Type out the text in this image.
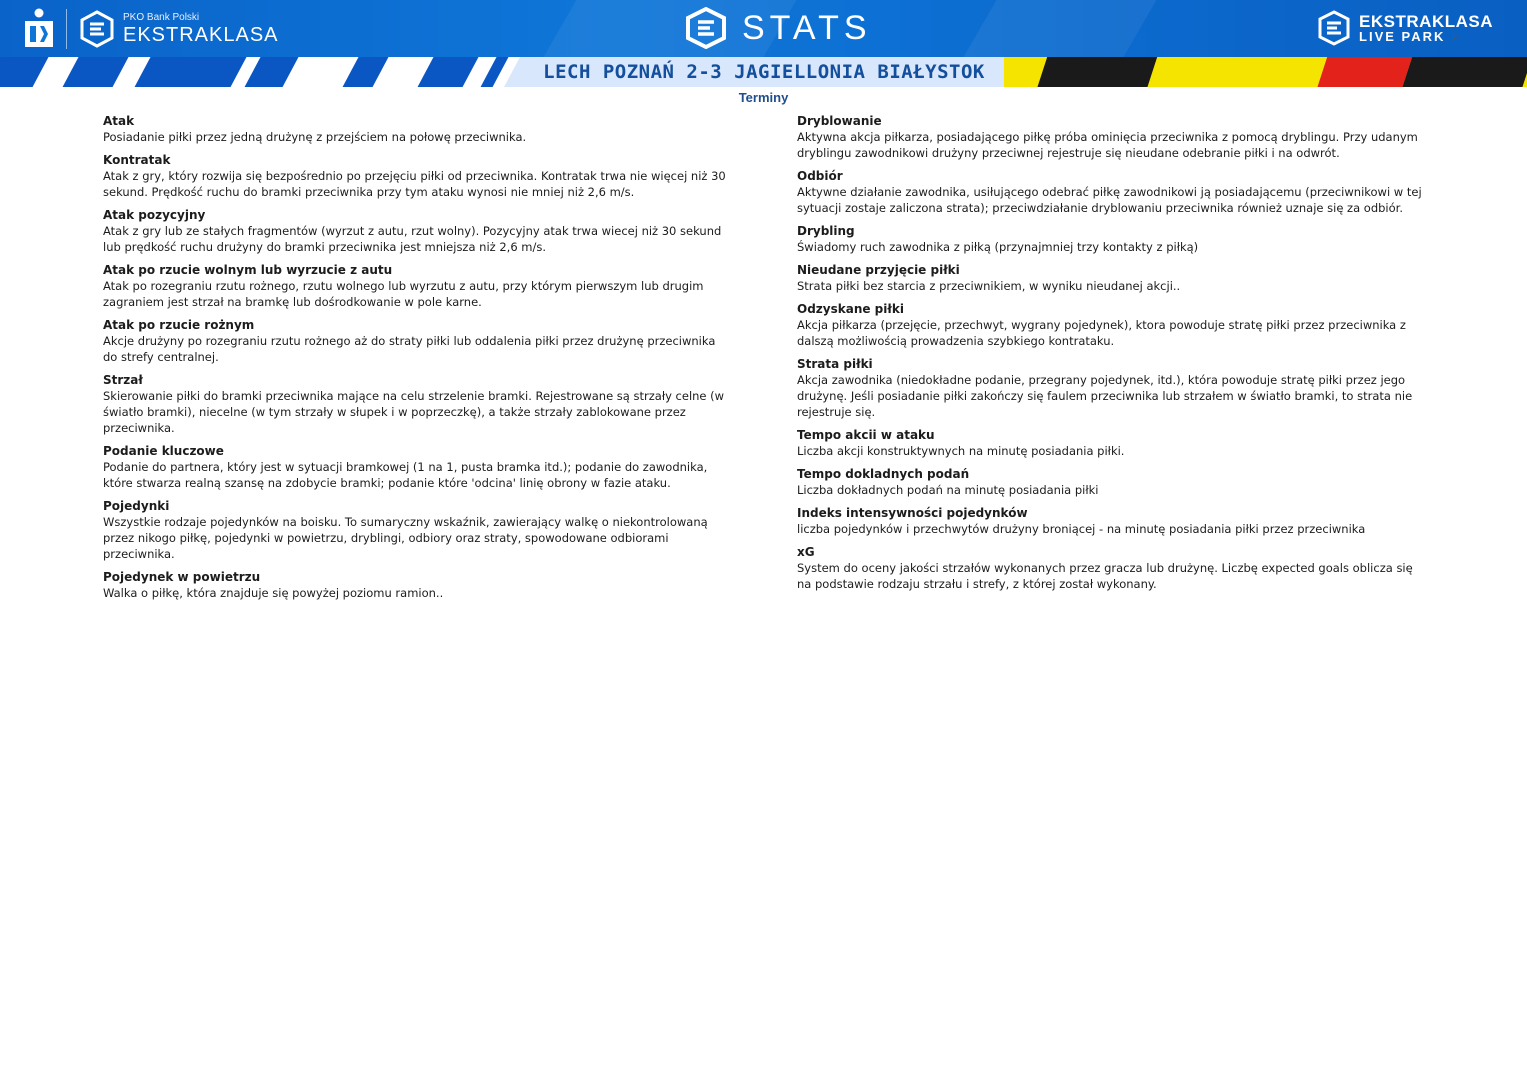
PKO Bank Polski
EKSTRAKLASA	STATS	EKSTRAKLASA
LIVE PARK
LECH POZNAŃ 2-3 JAGIELLONIA BIAŁYSTOK
5
Terminy
Atak
Posiadanie piłki przez jedną drużynę z przejściem na połowę przeciwnika.
Kontratak
Atak z gry, który rozwija się bezpośrednio po przejęciu piłki od przeciwnika. Kontratak trwa nie więcej niż 30 sekund. Prędkość ruchu do bramki przeciwnika przy tym ataku wynosi nie mniej niż 2,6 m/s.
Atak pozycyjny
Atak z gry lub ze stałych fragmentów (wyrzut z autu, rzut wolny). Pozycyjny atak trwa wiecej niż 30 sekund lub prędkość ruchu drużyny do bramki przeciwnika jest mniejsza niż 2,6 m/s.
Atak po rzucie wolnym lub wyrzucie z autu
Atak po rozegraniu rzutu rożnego, rzutu wolnego lub wyrzutu z autu, przy którym pierwszym lub drugim zagraniem jest strzał na bramkę lub dośrodkowanie w pole karne.
Atak po rzucie rożnym
Akcje drużyny po rozegraniu rzutu rożnego aż do straty piłki lub oddalenia piłki przez drużynę przeciwnika do strefy centralnej.
Strzał
Skierowanie piłki do bramki przeciwnika mające na celu strzelenie bramki. Rejestrowane są strzały celne (w światło bramki), niecelne (w tym strzały w słupek i w poprzeczkę), a także strzały zablokowane przez przeciwnika.
Podanie kluczowe
Podanie do partnera, który jest w sytuacji bramkowej (1 na 1, pusta bramka itd.); podanie do zawodnika, które stwarza realną szansę na zdobycie bramki; podanie które 'odcina' linię obrony w fazie ataku.
Pojedynki
Wszystkie rodzaje pojedynków na boisku. To sumaryczny wskaźnik, zawierający walkę o niekontrolowaną przez nikogo piłkę, pojedynki w powietrzu, dryblingi, odbiory oraz straty, spowodowane odbiorami przeciwnika.
Pojedynek w powietrzu
Walka o piłkę, która znajduje się powyżej poziomu ramion..
Dryblowanie
Aktywna akcja piłkarza, posiadającego piłkę próba ominięcia przeciwnika z pomocą dryblingu. Przy udanym dryblingu zawodnikowi drużyny przeciwnej rejestruje się nieudane odebranie piłki i na odwrót.
Odbiór
Aktywne działanie zawodnika, usiłującego odebrać piłkę zawodnikowi ją posiadającemu (przeciwnikowi w tej sytuacji zostaje zaliczona strata); przeciwdziałanie dryblowaniu przeciwnika również uznaje się za odbiór.
Drybling
Świadomy ruch zawodnika z piłką (przynajmniej trzy kontakty z piłką)
Nieudane przyjęcie piłki
Strata piłki bez starcia z przeciwnikiem, w wyniku nieudanej akcji..
Odzyskane piłki
Akcja piłkarza (przejęcie, przechwyt, wygrany pojedynek), ktora powoduje stratę piłki przez przeciwnika z dalszą możliwością prowadzenia szybkiego kontrataku.
Strata piłki
Akcja zawodnika (niedokładne podanie, przegrany pojedynek, itd.), która powoduje stratę piłki przez jego drużynę. Jeśli posiadanie piłki zakończy się faulem przeciwnika lub strzałem w światło bramki, to strata nie rejestruje się.
Tempo akcii w ataku
Liczba akcji konstruktywnych na minutę posiadania piłki.
Tempo dokladnych podań
Liczba dokładnych podań na minutę posiadania piłki
Indeks intensywności pojedynków
liczba pojedynków i przechwytów drużyny broniącej - na minutę posiadania piłki przez przeciwnika
xG
System do oceny jakości strzałów wykonanych przez gracza lub drużynę. Liczbę expected goals oblicza się na podstawie rodzaju strzału i strefy, z której został wykonany.
